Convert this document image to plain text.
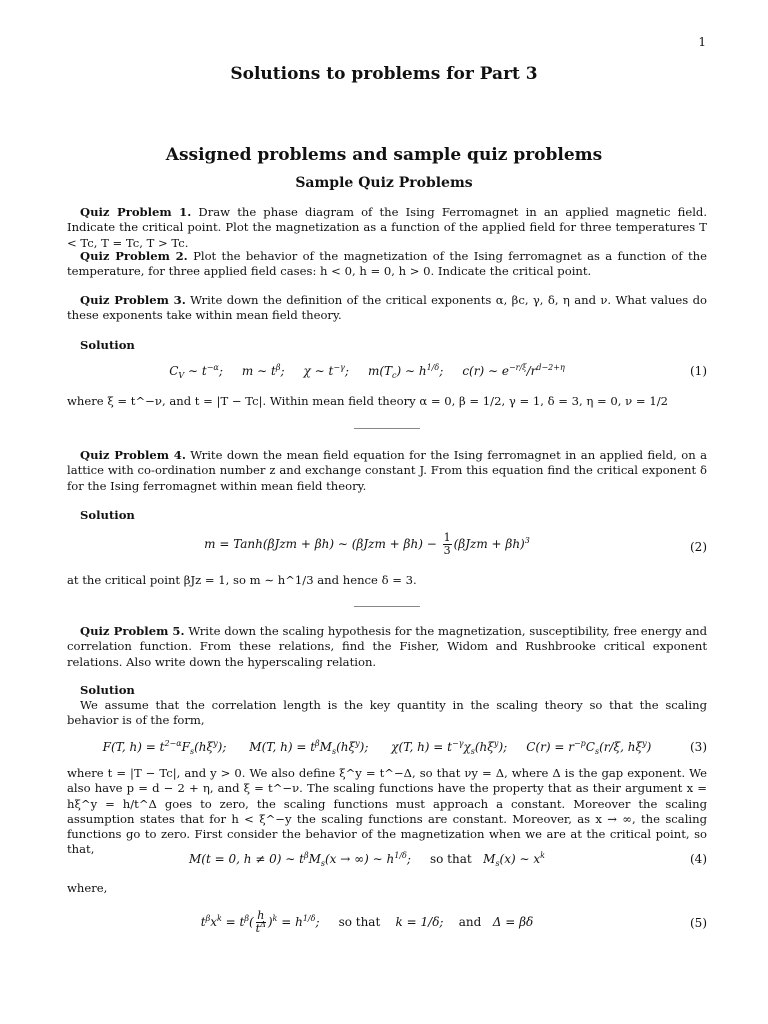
1
Solutions to problems for Part 3
Assigned problems and sample quiz problems
Sample Quiz Problems
Quiz Problem 1. Draw the phase diagram of the Ising Ferromagnet in an applied magnetic field. Indicate the critical point. Plot the magnetization as a function of the applied field for three temperatures T < Tc, T = Tc, T > Tc.
Quiz Problem 2. Plot the behavior of the magnetization of the Ising ferromagnet as a function of the temperature, for three applied field cases: h < 0, h = 0, h > 0. Indicate the critical point.
Quiz Problem 3. Write down the definition of the critical exponents α, βc, γ, δ, η and ν. What values do these exponents take within mean field theory.
Solution
$C_V$ ∼ $t^{-\alpha}$;     m ∼ $t^\beta$;     χ ∼ $t^{-\gamma}$;     $m(T_c)$ ∼ $h^{1/\delta}$;     c(r) ∼ $e^{-r/\xi}/r^{d-2+\eta}$	(1)
where ξ = t^−ν, and t = |T − Tc|. Within mean field theory α = 0, β = 1/2, γ = 1, δ = 3, η = 0, ν = 1/2
Quiz Problem 4. Write down the mean field equation for the Ising ferromagnet in an applied field, on a lattice with co-ordination number z and exchange constant J. From this equation find the critical exponent δ for the Ising ferromagnet within mean field theory.
Solution
m = Tanh(βJzm + βh) ∼ $(\beta Jzm + \beta h) - \frac{1}{3} (\beta Jzm + \beta h)^3$	(2)
at the critical point βJz = 1, so m ∼ h^1/3 and hence δ = 3.
Quiz Problem 5. Write down the scaling hypothesis for the magnetization, susceptibility, free energy and correlation function. From these relations, find the Fisher, Widom and Rushbrooke critical exponent relations. Also write down the hyperscaling relation.
Solution
We assume that the correlation length is the key quantity in the scaling theory so that the scaling behavior is of the form,
F(T, $h) = t^{2-\alpha}F_s(h\xi^y)$;      M(T, $h) = t^\beta M_s(h\xi^y)$;      χ(T, $h) = t^{-\gamma}\chi_s(h\xi^y)$;     $C(r) = r^{-p}C_s(r/\xi$, $h\xi^y$)	(3)
where t = |T − Tc|, and y > 0. We also define ξ^y = t^−Δ, so that νy = Δ, where Δ is the gap exponent. We also have p = d − 2 + η, and ξ = t^−ν. The scaling functions have the property that as their argument x = hξ^y = h/t^Δ goes to zero, the scaling functions must approach a constant. Moreover the scaling assumption states that for h < ξ^−y the scaling functions are constant. Moreover, as x → ∞, the scaling functions go to zero. First consider the behavior of the magnetization when we are at the critical point, so that,
M(t = 0, h ≠ 0) ∼ $t^\beta M_s(x$ → ∞) ∼ $h^{1/\delta}$;     so that   $M_s(x)$ ∼ $x^k$	(4)
where,
$t^\beta x^k = t^\beta( \frac{h}{t^\Delta} )^k = h^{1/\delta}$;     so that    k = 1/δ;    and   Δ = βδ	(5)
